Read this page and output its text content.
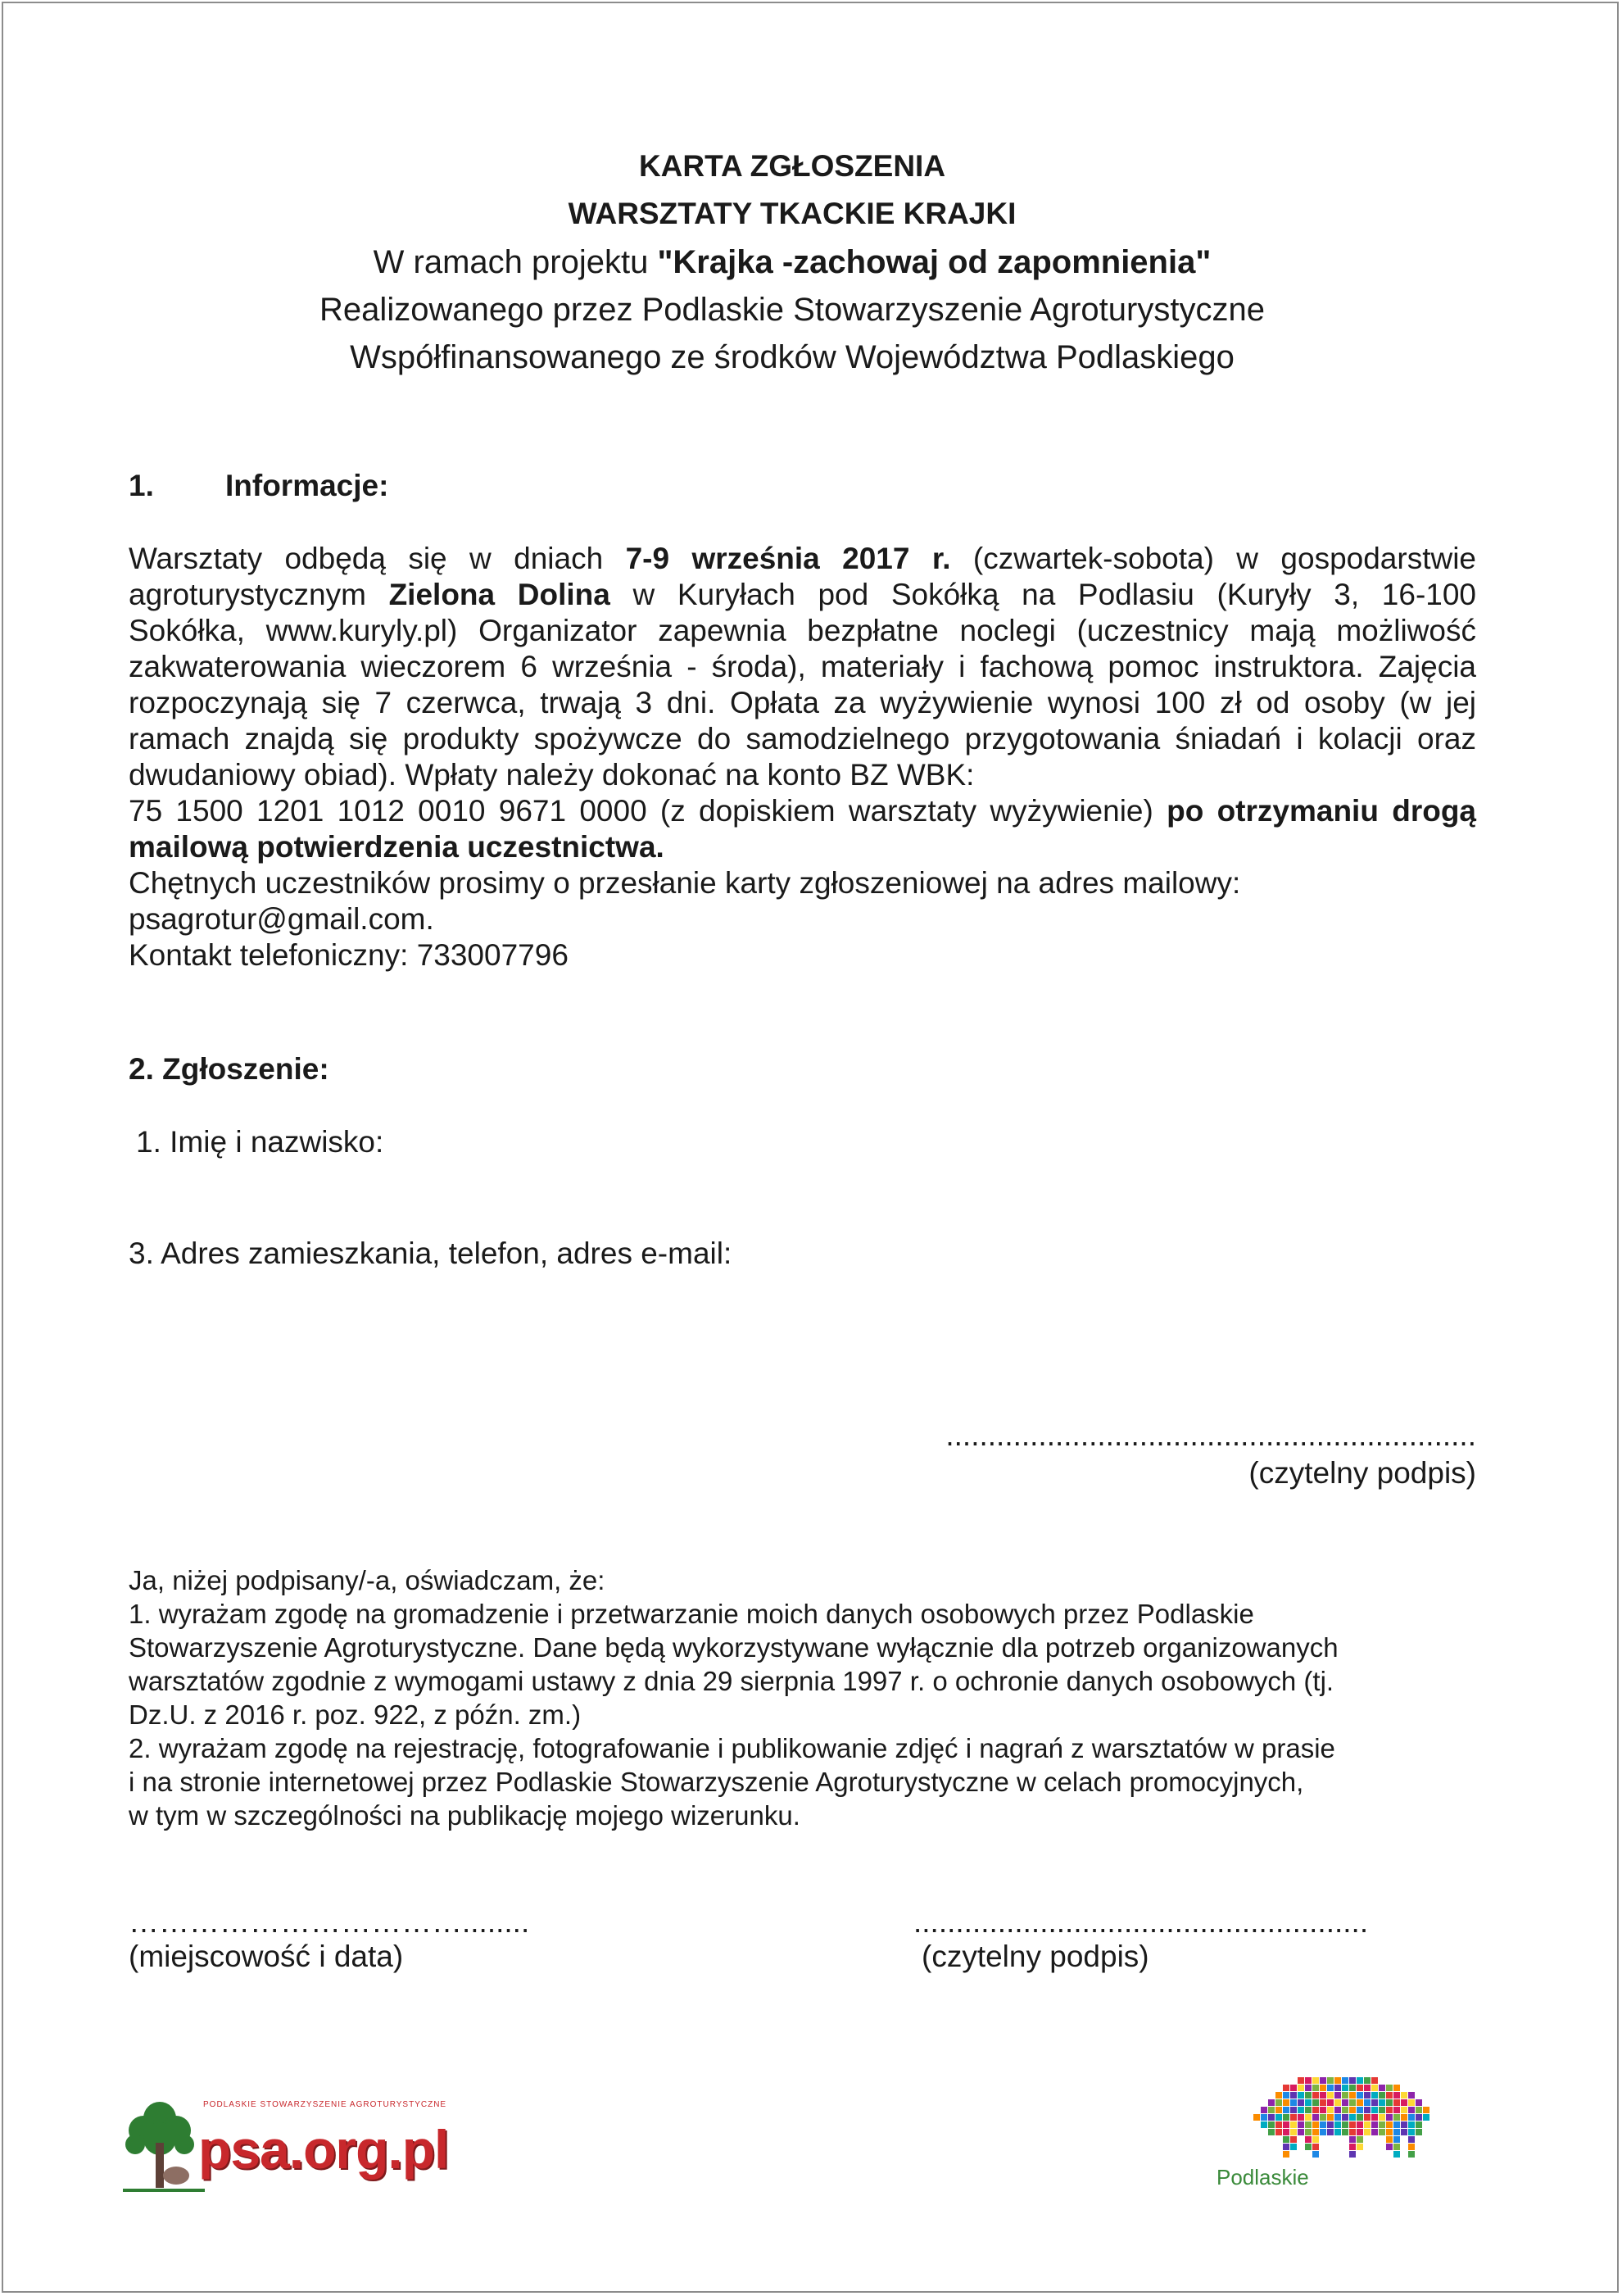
KARTA ZGŁOSZENIA
WARSZTATY TKACKIE KRAJKI
W ramach projektu "Krajka -zachowaj od zapomnienia"
Realizowanego przez Podlaskie Stowarzyszenie Agroturystyczne
Współfinansowanego ze środków Województwa Podlaskiego
1. Informacje:
Warsztaty odbędą się w dniach 7-9 września 2017 r. (czwartek-sobota) w gospodarstwie
agroturystycznym Zielona Dolina w Kuryłach pod Sokółką na Podlasiu (Kuryły 3, 16-100
Sokółka, www.kuryly.pl) Organizator zapewnia bezpłatne noclegi (uczestnicy mają możliwość
zakwaterowania wieczorem 6 września - środa), materiały i fachową pomoc instruktora. Zajęcia
rozpoczynają się 7 czerwca, trwają 3 dni. Opłata za wyżywienie wynosi 100 zł od osoby (w jej
ramach znajdą się produkty spożywcze do samodzielnego przygotowania śniadań i kolacji oraz
dwudaniowy obiad). Wpłaty należy dokonać na konto BZ WBK:
75 1500 1201 1012 0010 9671 0000 (z dopiskiem warsztaty wyżywienie) po otrzymaniu drogą
mailową potwierdzenia uczestnictwa.
Chętnych uczestników prosimy o przesłanie karty zgłoszeniowej na adres mailowy:
psagrotur@gmail.com.
Kontakt telefoniczny: 733007796
2. Zgłoszenie:
1. Imię i nazwisko:
3. Adres zamieszkania, telefon, adres e-mail:
...............................................................
(czytelny podpis)
Ja, niżej podpisany/-a, oświadczam, że:
1. wyrażam zgodę na gromadzenie i przetwarzanie moich danych osobowych przez Podlaskie
Stowarzyszenie Agroturystyczne. Dane będą wykorzystywane wyłącznie dla potrzeb organizowanych
warsztatów zgodnie z wymogami ustawy z dnia 29 sierpnia 1997 r. o ochronie danych osobowych (tj.
Dz.U. z 2016 r. poz. 922, z późn. zm.)
2. wyrażam zgodę na rejestrację, fotografowanie i publikowanie zdjęć i nagrań z warsztatów w prasie
i na stronie internetowej przez Podlaskie Stowarzyszenie Agroturystyczne w celach promocyjnych,
w tym w szczególności na publikację mojego wizerunku.
……………………………........
(miejscowość i data)
......................................................
(czytelny podpis)
PODLASKIE STOWARZYSZENIE AGROTURYSTYCZNE
psa.org.pl	Podlaskie
